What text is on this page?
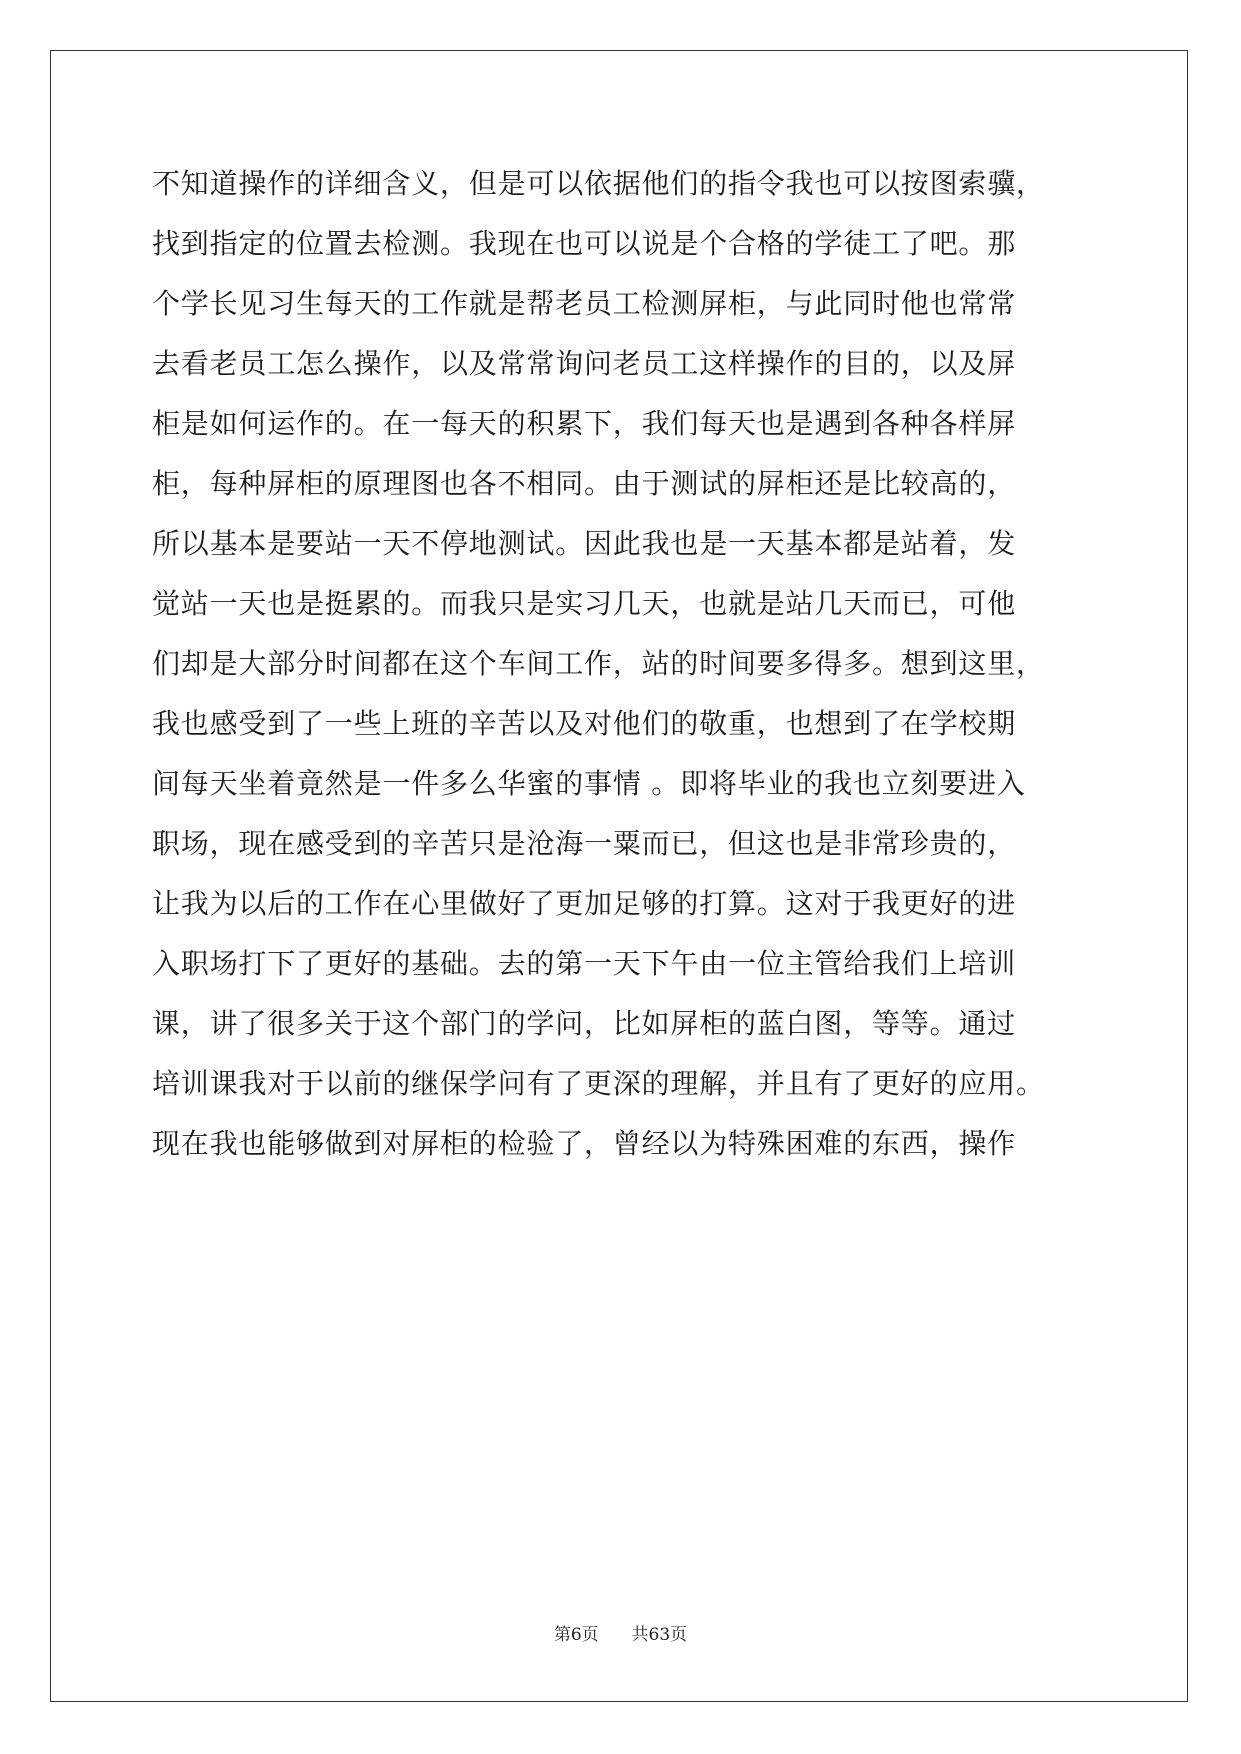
不知道操作的详细含义，但是可以依据他们的指令我也可以按图索骥，
找到指定的位置去检测。我现在也可以说是个合格的学徒工了吧。那
个学长见习生每天的工作就是帮老员工检测屏柜，与此同时他也常常
去看老员工怎么操作，以及常常询问老员工这样操作的目的，以及屏
柜是如何运作的。在一每天的积累下，我们每天也是遇到各种各样屏
柜，每种屏柜的原理图也各不相同。由于测试的屏柜还是比较高的，
所以基本是要站一天不停地测试。因此我也是一天基本都是站着，发
觉站一天也是挺累的。而我只是实习几天，也就是站几天而已，可他
们却是大部分时间都在这个车间工作，站的时间要多得多。想到这里，
我也感受到了一些上班的辛苦以及对他们的敬重，也想到了在学校期
间每天坐着竟然是一件多么华蜜的事情 。即将毕业的我也立刻要进入
职场，现在感受到的辛苦只是沧海一粟而已，但这也是非常珍贵的，
让我为以后的工作在心里做好了更加足够的打算。这对于我更好的进
入职场打下了更好的基础。去的第一天下午由一位主管给我们上培训
课，讲了很多关于这个部门的学问，比如屏柜的蓝白图，等等。通过
培训课我对于以前的继保学问有了更深的理解，并且有了更好的应用。
现在我也能够做到对屏柜的检验了，曾经以为特殊困难的东西，操作
第6页 共63页
